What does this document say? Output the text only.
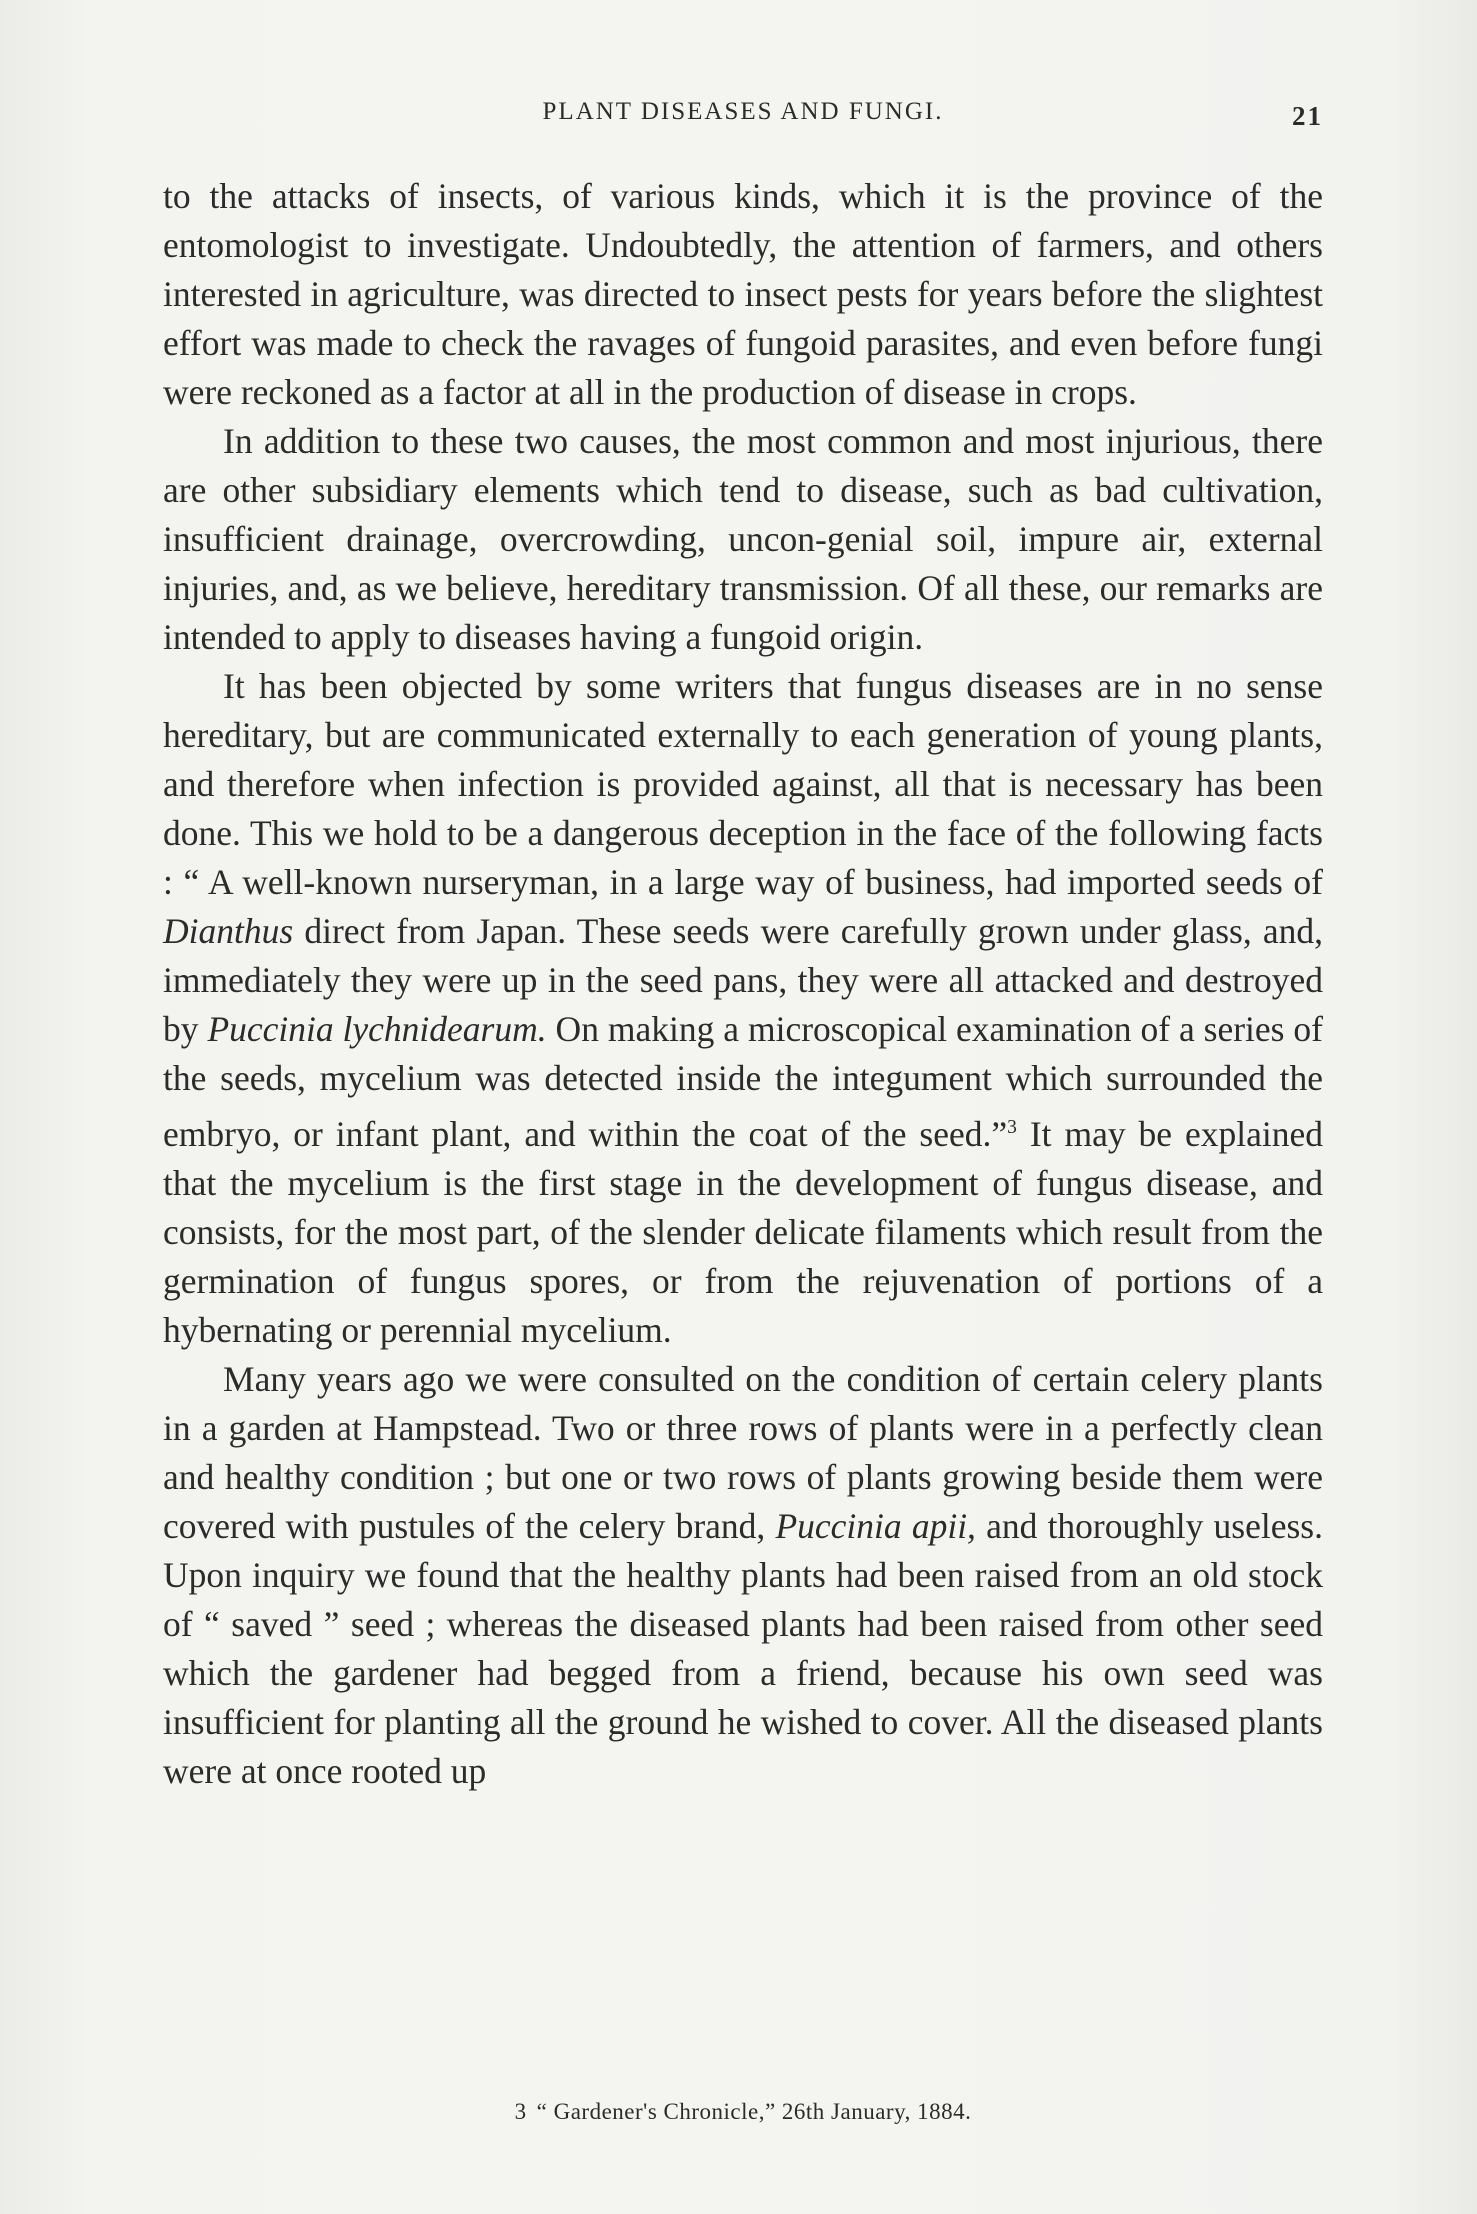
PLANT DISEASES AND FUNGI.	21

to the attacks of insects, of various kinds, which it is the province of the entomologist to investigate. Undoubtedly, the attention of farmers, and others interested in agriculture, was directed to insect pests for years before the slightest effort was made to check the ravages of fungoid parasites, and even before fungi were reckoned as a factor at all in the production of disease in crops.

In addition to these two causes, the most common and most injurious, there are other subsidiary elements which tend to disease, such as bad cultivation, insufficient drainage, overcrowding, uncon-genial soil, impure air, external injuries, and, as we believe, hereditary transmission. Of all these, our remarks are intended to apply to diseases having a fungoid origin.

It has been objected by some writers that fungus diseases are in no sense hereditary, but are communicated externally to each generation of young plants, and therefore when infection is provided against, all that is necessary has been done. This we hold to be a dangerous deception in the face of the following facts : “ A well-known nurseryman, in a large way of business, had imported seeds of Dianthus direct from Japan. These seeds were carefully grown under glass, and, immediately they were up in the seed pans, they were all attacked and destroyed by Puccinia lychnidearum. On making a microscopical examination of a series of the seeds, mycelium was detected inside the integument which surrounded the embryo, or infant plant, and within the coat of the seed.”$^3$ It may be explained that the mycelium is the first stage in the development of fungus disease, and consists, for the most part, of the slender delicate filaments which result from the germination of fungus spores, or from the rejuvenation of portions of a hybernating or perennial mycelium.

Many years ago we were consulted on the condition of certain celery plants in a garden at Hampstead. Two or three rows of plants were in a perfectly clean and healthy condition ; but one or two rows of plants growing beside them were covered with pustules of the celery brand, Puccinia apii, and thoroughly useless. Upon inquiry we found that the healthy plants had been raised from an old stock of “ saved ” seed ; whereas the diseased plants had been raised from other seed which the gardener had begged from a friend, because his own seed was insufficient for planting all the ground he wished to cover. All the diseased plants were at once rooted up

3 “ Gardener's Chronicle,” 26th January, 1884.
